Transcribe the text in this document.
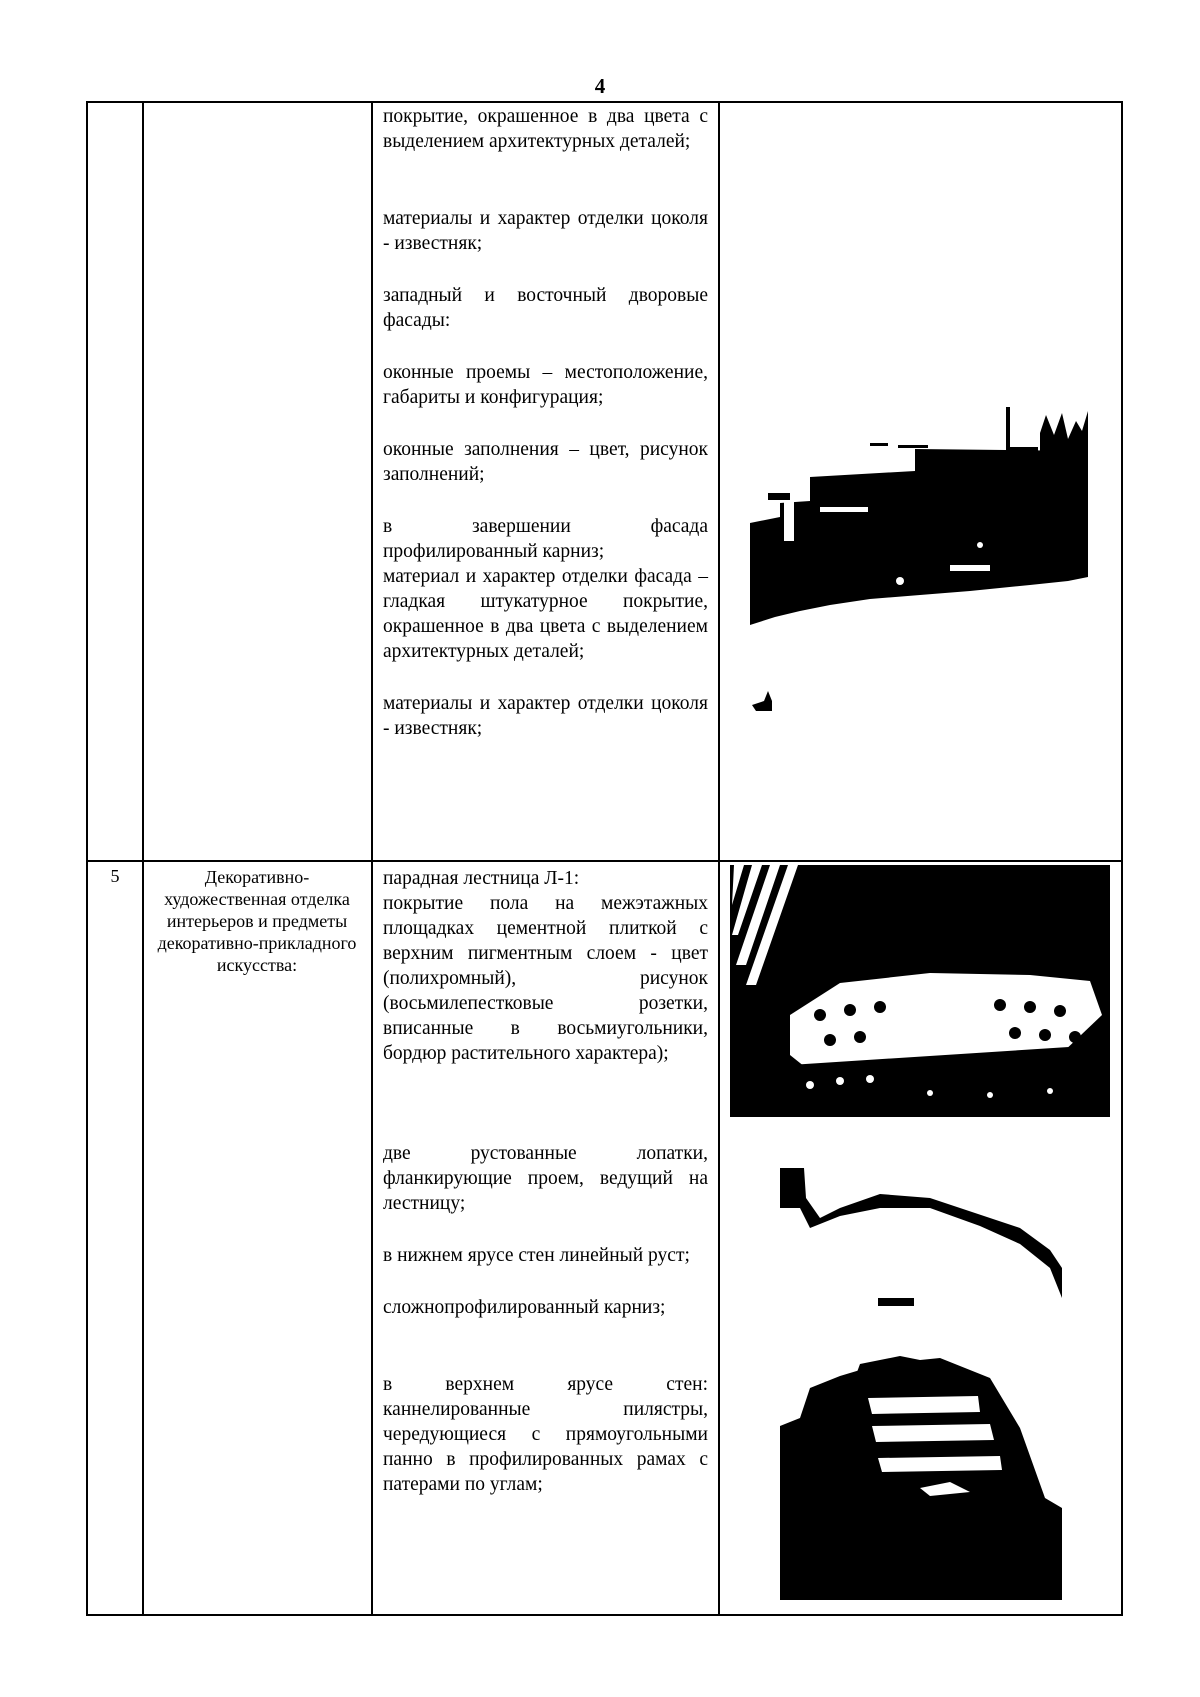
4

покрытие, окрашенное в два цвета с выделением архитектурных деталей;

материалы и характер отделки цоколя - известняк;

западный и восточный дворовые фасады:

оконные проемы – местоположение, габариты и конфигурация;

оконные заполнения – цвет, рисунок заполнений;

в завершении фасада профилированный карниз;

материал и характер отделки фасада – гладкая штукатурное покрытие, окрашенное в два цвета с выделением архитектурных деталей;

материалы и характер отделки цоколя - известняк;

5	Декоративно-художественная отделка интерьеров и предметы декоративно-прикладного искусства:

парадная лестница Л-1:

покрытие пола на межэтажных площадках цементной плиткой с верхним пигментным слоем - цвет (полихромный), рисунок (восьмилепестковые розетки, вписанные в восьмиугольники, бордюр растительного характера);

две рустованные лопатки, фланкирующие проем, ведущий на лестницу;

в нижнем ярусе стен линейный руст;

сложнопрофилированный карниз;

в верхнем ярусе стен: каннелированные пилястры, чередующиеся с прямоугольными панно в профилированных рамах с патерами по углам;
